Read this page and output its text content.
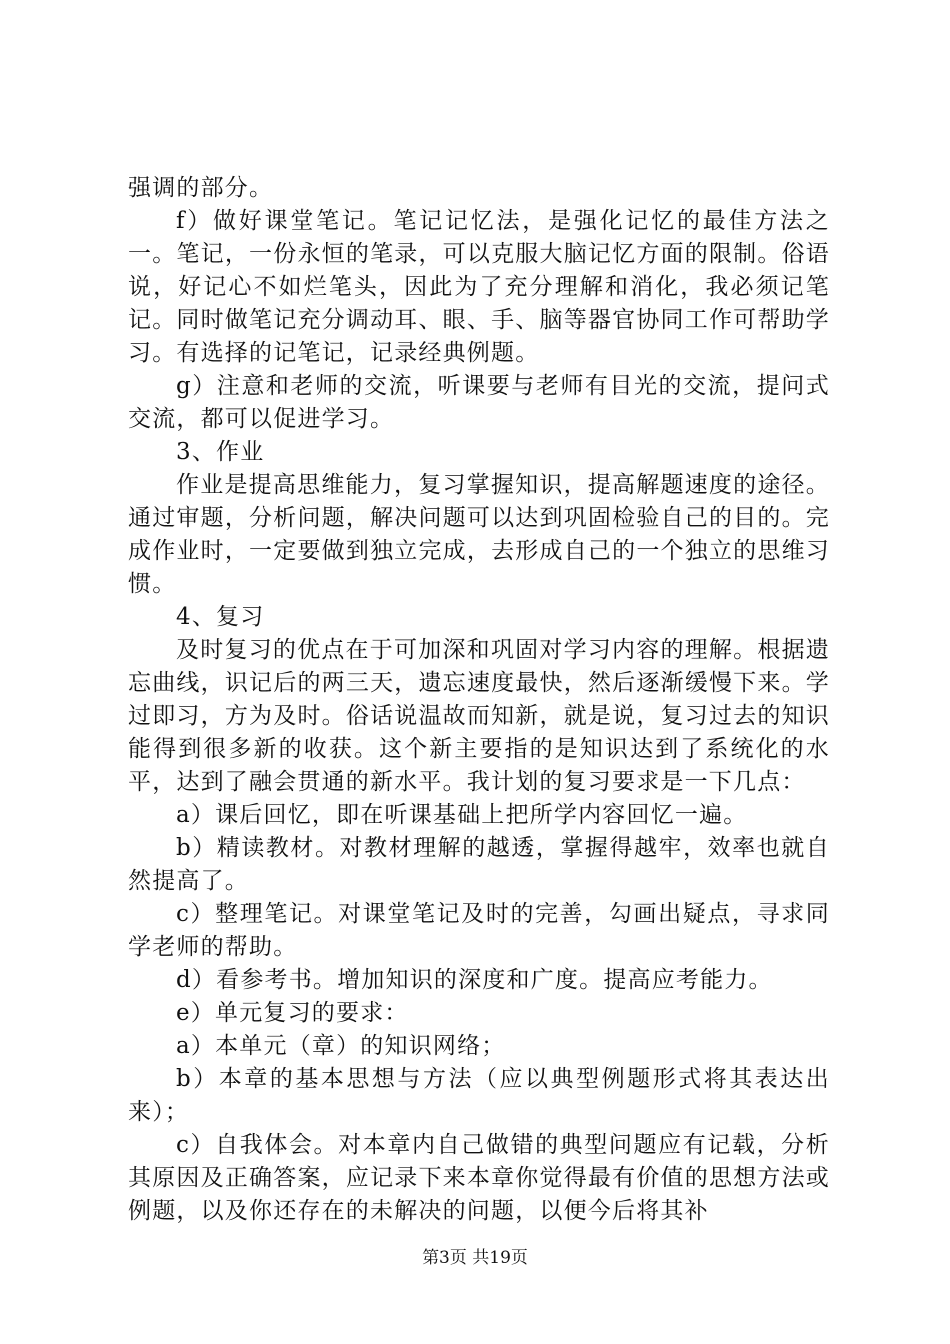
强调的部分。

f）做好课堂笔记。笔记记忆法，是强化记忆的最佳方法之一。笔记，一份永恒的笔录，可以克服大脑记忆方面的限制。俗语说，好记心不如烂笔头，因此为了充分理解和消化，我必须记笔记。同时做笔记充分调动耳、眼、手、脑等器官协同工作可帮助学习。有选择的记笔记，记录经典例题。

g）注意和老师的交流，听课要与老师有目光的交流，提问式交流，都可以促进学习。

3、作业

作业是提高思维能力，复习掌握知识，提高解题速度的途径。通过审题，分析问题，解决问题可以达到巩固检验自己的目的。完成作业时，一定要做到独立完成，去形成自己的一个独立的思维习惯。

4、复习

及时复习的优点在于可加深和巩固对学习内容的理解。根据遗忘曲线，识记后的两三天，遗忘速度最快，然后逐渐缓慢下来。学过即习，方为及时。俗话说温故而知新，就是说，复习过去的知识能得到很多新的收获。这个新主要指的是知识达到了系统化的水平，达到了融会贯通的新水平。我计划的复习要求是一下几点：

a）课后回忆，即在听课基础上把所学内容回忆一遍。

b）精读教材。对教材理解的越透，掌握得越牢，效率也就自然提高了。

c）整理笔记。对课堂笔记及时的完善，勾画出疑点，寻求同学老师的帮助。

d）看参考书。增加知识的深度和广度。提高应考能力。

e）单元复习的要求：

a）本单元（章）的知识网络；

b）本章的基本思想与方法（应以典型例题形式将其表达出来）；

c）自我体会。对本章内自己做错的典型问题应有记载，分析其原因及正确答案，应记录下来本章你觉得最有价值的思想方法或例题，以及你还存在的未解决的问题，以便今后将其补

第3页 共19页
